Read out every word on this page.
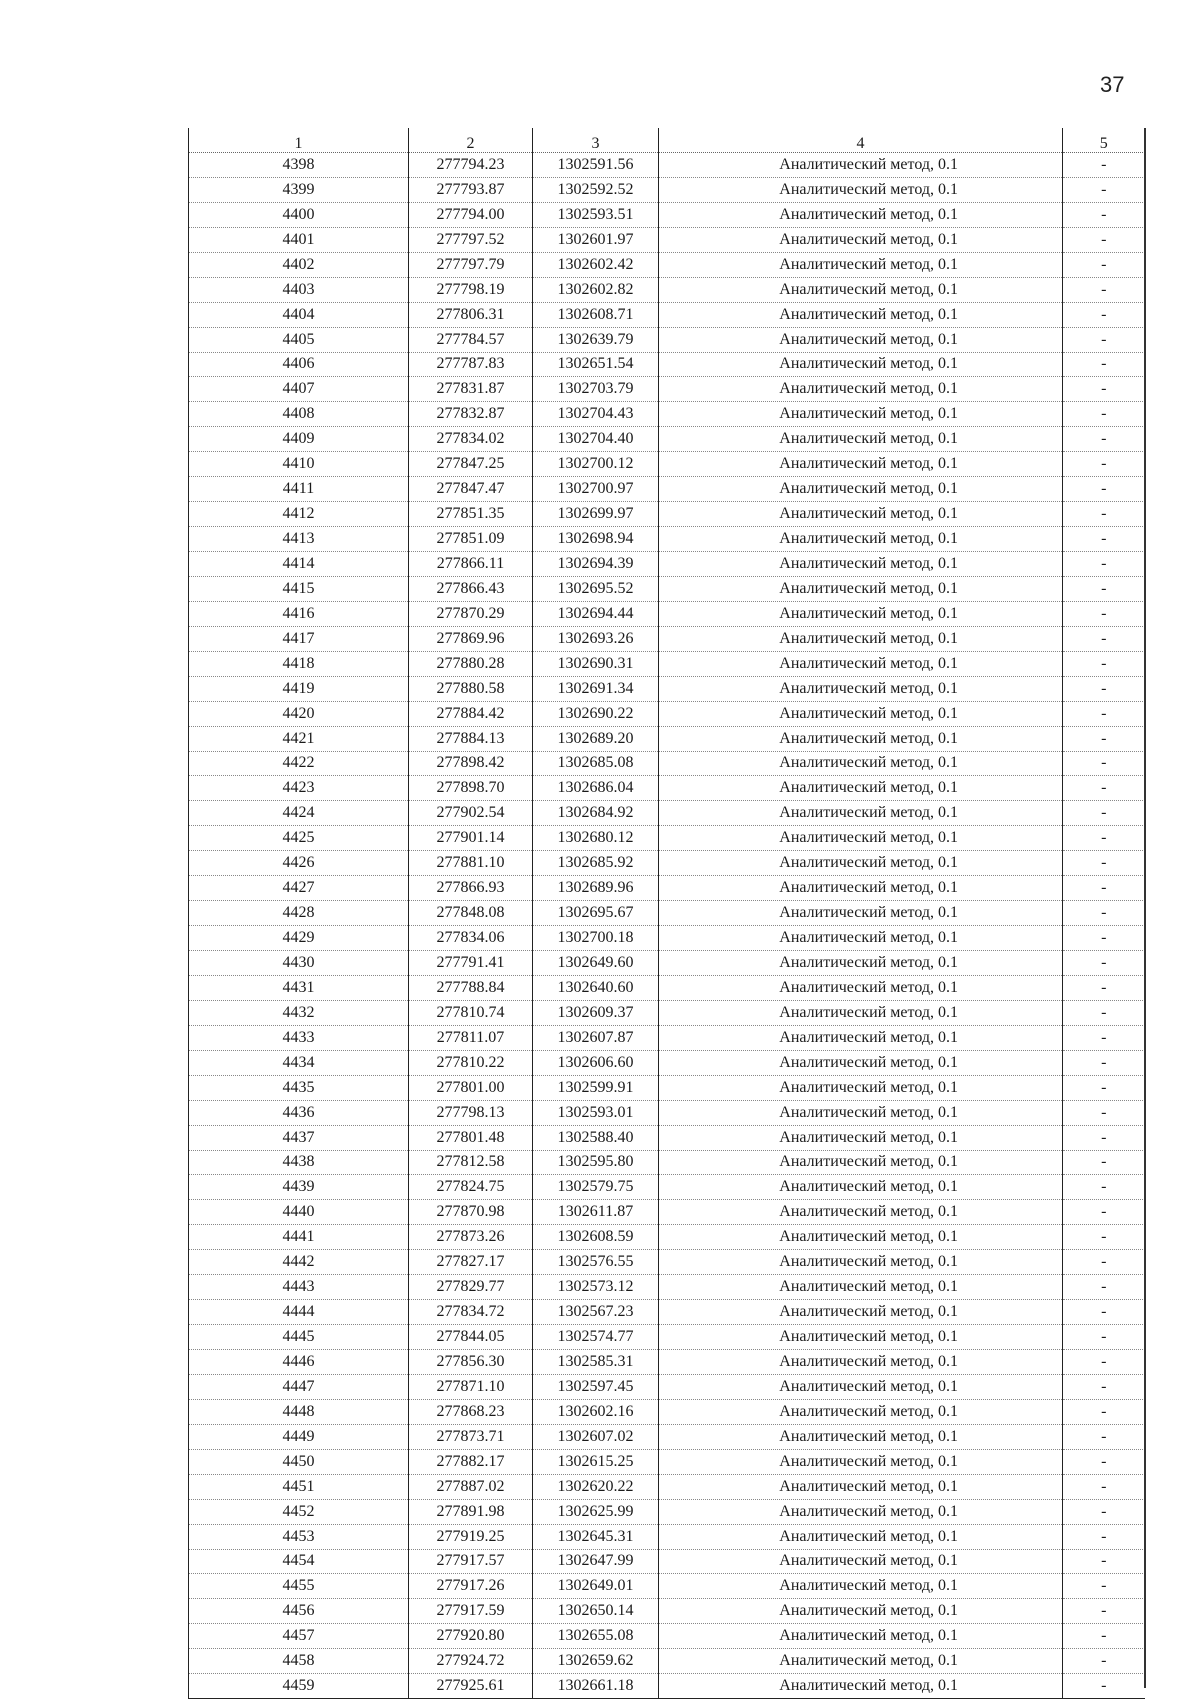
37
1	2	3	4	5
4398	277794.23	1302591.56	Аналитический метод, 0.1	-
4399	277793.87	1302592.52	Аналитический метод, 0.1	-
4400	277794.00	1302593.51	Аналитический метод, 0.1	-
4401	277797.52	1302601.97	Аналитический метод, 0.1	-
4402	277797.79	1302602.42	Аналитический метод, 0.1	-
4403	277798.19	1302602.82	Аналитический метод, 0.1	-
4404	277806.31	1302608.71	Аналитический метод, 0.1	-
4405	277784.57	1302639.79	Аналитический метод, 0.1	-
4406	277787.83	1302651.54	Аналитический метод, 0.1	-
4407	277831.87	1302703.79	Аналитический метод, 0.1	-
4408	277832.87	1302704.43	Аналитический метод, 0.1	-
4409	277834.02	1302704.40	Аналитический метод, 0.1	-
4410	277847.25	1302700.12	Аналитический метод, 0.1	-
4411	277847.47	1302700.97	Аналитический метод, 0.1	-
4412	277851.35	1302699.97	Аналитический метод, 0.1	-
4413	277851.09	1302698.94	Аналитический метод, 0.1	-
4414	277866.11	1302694.39	Аналитический метод, 0.1	-
4415	277866.43	1302695.52	Аналитический метод, 0.1	-
4416	277870.29	1302694.44	Аналитический метод, 0.1	-
4417	277869.96	1302693.26	Аналитический метод, 0.1	-
4418	277880.28	1302690.31	Аналитический метод, 0.1	-
4419	277880.58	1302691.34	Аналитический метод, 0.1	-
4420	277884.42	1302690.22	Аналитический метод, 0.1	-
4421	277884.13	1302689.20	Аналитический метод, 0.1	-
4422	277898.42	1302685.08	Аналитический метод, 0.1	-
4423	277898.70	1302686.04	Аналитический метод, 0.1	-
4424	277902.54	1302684.92	Аналитический метод, 0.1	-
4425	277901.14	1302680.12	Аналитический метод, 0.1	-
4426	277881.10	1302685.92	Аналитический метод, 0.1	-
4427	277866.93	1302689.96	Аналитический метод, 0.1	-
4428	277848.08	1302695.67	Аналитический метод, 0.1	-
4429	277834.06	1302700.18	Аналитический метод, 0.1	-
4430	277791.41	1302649.60	Аналитический метод, 0.1	-
4431	277788.84	1302640.60	Аналитический метод, 0.1	-
4432	277810.74	1302609.37	Аналитический метод, 0.1	-
4433	277811.07	1302607.87	Аналитический метод, 0.1	-
4434	277810.22	1302606.60	Аналитический метод, 0.1	-
4435	277801.00	1302599.91	Аналитический метод, 0.1	-
4436	277798.13	1302593.01	Аналитический метод, 0.1	-
4437	277801.48	1302588.40	Аналитический метод, 0.1	-
4438	277812.58	1302595.80	Аналитический метод, 0.1	-
4439	277824.75	1302579.75	Аналитический метод, 0.1	-
4440	277870.98	1302611.87	Аналитический метод, 0.1	-
4441	277873.26	1302608.59	Аналитический метод, 0.1	-
4442	277827.17	1302576.55	Аналитический метод, 0.1	-
4443	277829.77	1302573.12	Аналитический метод, 0.1	-
4444	277834.72	1302567.23	Аналитический метод, 0.1	-
4445	277844.05	1302574.77	Аналитический метод, 0.1	-
4446	277856.30	1302585.31	Аналитический метод, 0.1	-
4447	277871.10	1302597.45	Аналитический метод, 0.1	-
4448	277868.23	1302602.16	Аналитический метод, 0.1	-
4449	277873.71	1302607.02	Аналитический метод, 0.1	-
4450	277882.17	1302615.25	Аналитический метод, 0.1	-
4451	277887.02	1302620.22	Аналитический метод, 0.1	-
4452	277891.98	1302625.99	Аналитический метод, 0.1	-
4453	277919.25	1302645.31	Аналитический метод, 0.1	-
4454	277917.57	1302647.99	Аналитический метод, 0.1	-
4455	277917.26	1302649.01	Аналитический метод, 0.1	-
4456	277917.59	1302650.14	Аналитический метод, 0.1	-
4457	277920.80	1302655.08	Аналитический метод, 0.1	-
4458	277924.72	1302659.62	Аналитический метод, 0.1	-
4459	277925.61	1302661.18	Аналитический метод, 0.1	-
